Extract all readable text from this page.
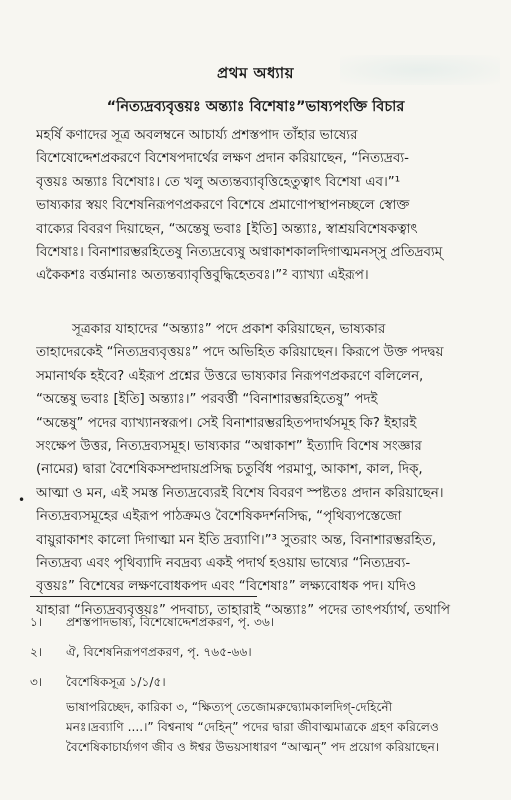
প্রথম অধ্যায়
“নিত্যদ্রব্যবৃত্তয়ঃ অন্ত্যাঃ বিশেষাঃ”ভাষ্যপংক্তি বিচার
মহর্ষি কণাদের সূত্র অবলম্বনে আচার্য্য প্রশস্তপাদ তাঁহার ভাষ্যের
বিশেষোদ্দেশপ্রকরণে বিশেষপদার্থের লক্ষণ প্রদান করিয়াছেন, “নিত্যদ্রব্য-
বৃত্তয়ঃ অন্ত্যাঃ বিশেষাঃ। তে খলু অত্যন্তব্যাবৃত্তিহেতুত্বাৎ বিশেষা এব।”¹
ভাষ্যকার স্বয়ং বিশেষনিরূপণপ্রকরণে বিশেষে প্রমাণোপস্থাপনচ্ছলে স্বোক্ত
বাক্যের বিবরণ দিয়াছেন, “অন্তেষু ভবাঃ [ইতি] অন্ত্যাঃ, স্বাশ্রয়বিশেষকত্বাৎ
বিশেষাঃ। বিনাশারম্ভরহিতেষু নিত্যদ্রব্যেষু অণ্বাকাশকালদিগাত্মমনস্সু প্রতিদ্রব্যম্
একৈকশঃ বর্ত্তমানাঃ অত্যন্তব্যাবৃত্তিবুদ্ধিহেতবঃ।”² ব্যাখ্যা এইরূপ।
সূত্রকার যাহাদের “অন্ত্যাঃ” পদে প্রকাশ করিয়াছেন, ভাষ্যকার
তাহাদেরকেই “নিত্যদ্রব্যবৃত্তয়ঃ” পদে অভিহিত করিয়াছেন। কিরূপে উক্ত পদদ্বয়
সমানার্থক হইবে? এইরূপ প্রশ্নের উত্তরে ভাষ্যকার নিরূপণপ্রকরণে বলিলেন,
“অন্তেষু ভবাঃ [ইতি] অন্ত্যাঃ।” পরবর্ত্তী “বিনাশারম্ভরহিতেষু” পদই
“অন্তেষু” পদের ব্যাখ্যানস্বরূপ। সেই বিনাশারম্ভরহিতপদার্থসমূহ কি? ইহারই
সংক্ষেপ উত্তর, নিত্যদ্রব্যসমূহ। ভাষ্যকার “অণ্বাকাশ” ইত্যাদি বিশেষ সংজ্ঞার
(নামের) দ্বারা বৈশেষিকসম্প্রদায়প্রসিদ্ধ চতুর্বিধ পরমাণু, আকাশ, কাল, দিক্,
আত্মা ও মন, এই সমস্ত নিত্যদ্রব্যেরই বিশেষ বিবরণ স্পষ্টতঃ প্রদান করিয়াছেন।
নিত্যদ্রব্যসমূহের এইরূপ পাঠক্রমও বৈশেষিকদর্শনসিদ্ধ, “পৃথিব্যপস্তেজো
বায়ুরাকাশং কালো দিগাত্মা মন ইতি দ্রব্যাণি।”³ সুতরাং অন্ত, বিনাশারম্ভরহিত,
নিত্যদ্রব্য এবং পৃথিব্যাদি নবদ্রব্য একই পদার্থ হওয়ায় ভাষ্যের “নিত্যদ্রব্য-
বৃত্তয়ঃ” বিশেষের লক্ষণবোধকপদ এবং “বিশেষাঃ” লক্ষ্যবোধক পদ। যদিও
যাহারা “নিত্যদ্রব্যবৃত্তয়ঃ” পদবাচ্য, তাহারাই “অন্ত্যাঃ” পদের তাৎপর্য্যার্থ, তথাপি
•
১।	প্রশস্তপাদভাষ্য, বিশেষোদ্দেশপ্রকরণ, পৃ. ৩৬।
২।	ঐ, বিশেষনিরূপণপ্রকরণ, পৃ. ৭৬৫-৬৬।
৩।	বৈশেষিকসূত্র ১/১/৫।
ভাষাপরিচ্ছেদ, কারিকা ৩, “ক্ষিত্যপ্ তেজোমরুদ্ব্যোমকালদিগ্-দেহিনৌ
মনঃ।দ্রব্যাণি ....।” বিশ্বনাথ “দেহিন্” পদের দ্বারা জীবাত্মমাত্রকে গ্রহণ করিলেও
বৈশেষিকাচার্য্যগণ জীব ও ঈশ্বর উভয়সাধারণ “আত্মন্” পদ প্রয়োগ করিয়াছেন।
